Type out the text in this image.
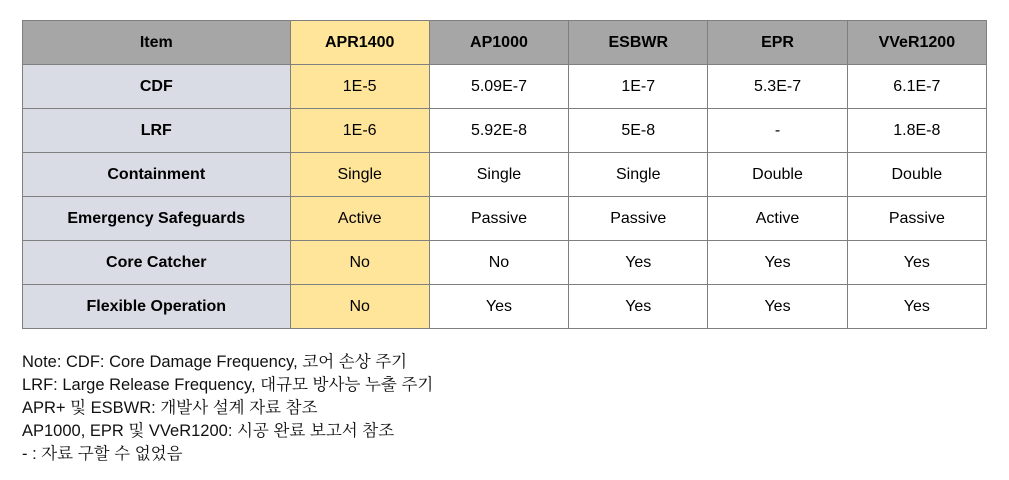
Item	APR1400	AP1000	ESBWR	EPR	VVeR1200
CDF	1E-5	5.09E-7	1E-7	5.3E-7	6.1E-7
LRF	1E-6	5.92E-8	5E-8	-	1.8E-8
Containment	Single	Single	Single	Double	Double
Emergency Safeguards	Active	Passive	Passive	Active	Passive
Core Catcher	No	No	Yes	Yes	Yes
Flexible Operation	No	Yes	Yes	Yes	Yes
Note: CDF: Core Damage Frequency, 코어 손상 주기
LRF: Large Release Frequency, 대규모 방사능 누출 주기
APR+ 및 ESBWR: 개발사 설계 자료 참조
AP1000, EPR 및 VVeR1200: 시공 완료 보고서 참조
- : 자료 구할 수 없었음
